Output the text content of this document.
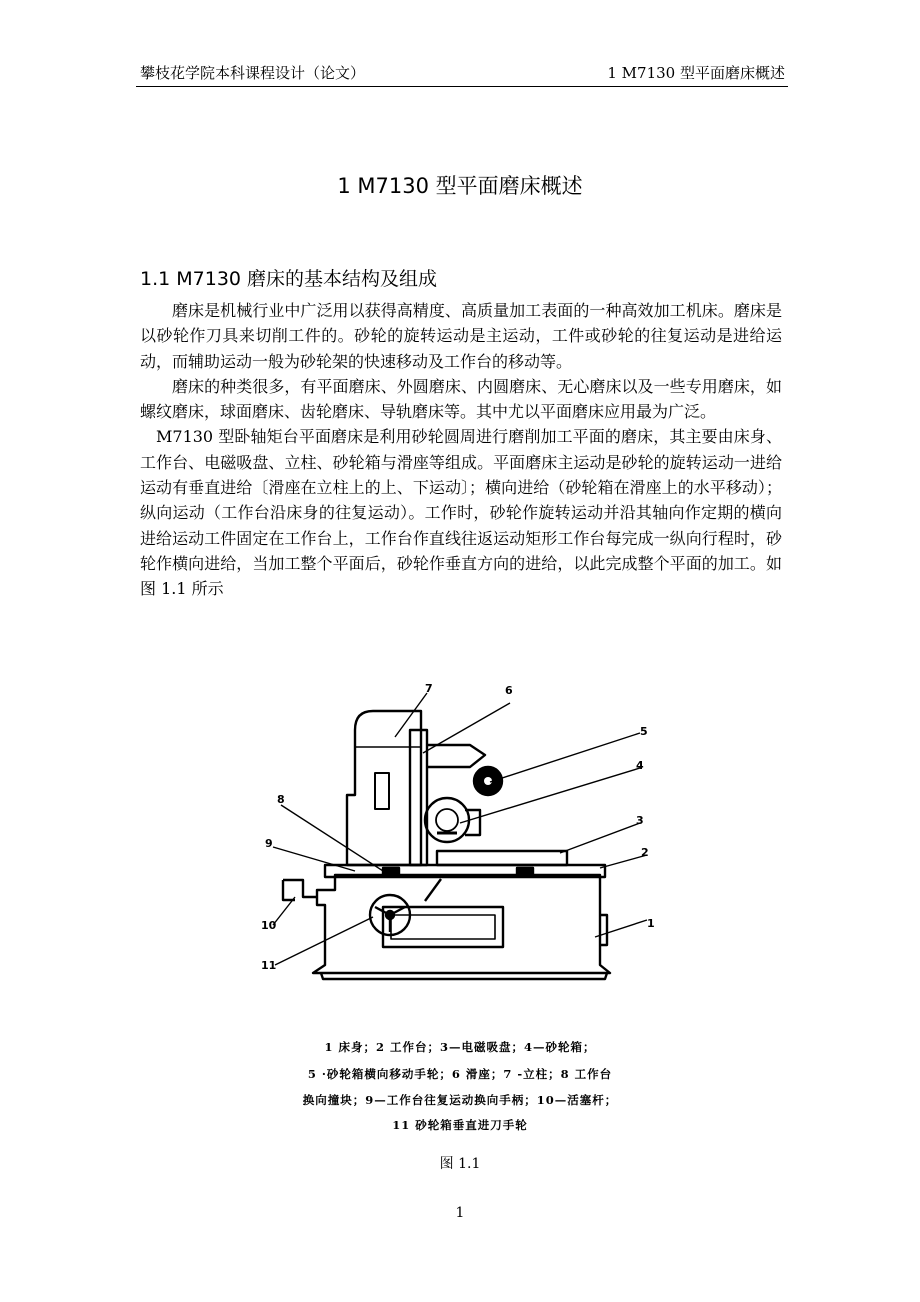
攀枝花学院本科课程设计（论文）	1 M7130 型平面磨床概述
1 M7130 型平面磨床概述
1.1 M7130 磨床的基本结构及组成

磨床是机械行业中广泛用以获得高精度、高质量加工表面的一种高效加工机床。磨床是以砂轮作刀具来切削工件的。砂轮的旋转运动是主运动，工件或砂轮的往复运动是进给运动，而辅助运动一般为砂轮架的快速移动及工作台的移动等。

磨床的种类很多，有平面磨床、外圆磨床、内圆磨床、无心磨床以及一些专用磨床，如螺纹磨床，球面磨床、齿轮磨床、导轨磨床等。其中尤以平面磨床应用最为广泛。

M7130 型卧轴矩台平面磨床是利用砂轮圆周进行磨削加工平面的磨床，其主要由床身、工作台、电磁吸盘、立柱、砂轮箱与滑座等组成。平面磨床主运动是砂轮的旋转运动一进给运动有垂直进给〔滑座在立柱上的上、下运动〕；横向进给（砂轮箱在滑座上的水平移动）；纵向运动（工作台沿床身的往复运动）。工作时，砂轮作旋转运动并沿其轴向作定期的横向进给运动工件固定在工作台上，工作台作直线往返运动矩形工作台每完成一纵向行程时，砂轮作横向进给，当加工整个平面后，砂轮作垂直方向的进给，以此完成整个平面的加工。如图 1.1 所示

1
2
3
4
5
6
7
8
9
10
11
1 床身；2 工作台；3—电磁吸盘；4—砂轮箱；
5 ·砂轮箱横向移动手轮；6 滑座；7 -立柱；8 工作台
换向撞块；9—工作台往复运动换向手柄；10—活塞杆；
11 砂轮箱垂直进刀手轮
图 1.1
1
